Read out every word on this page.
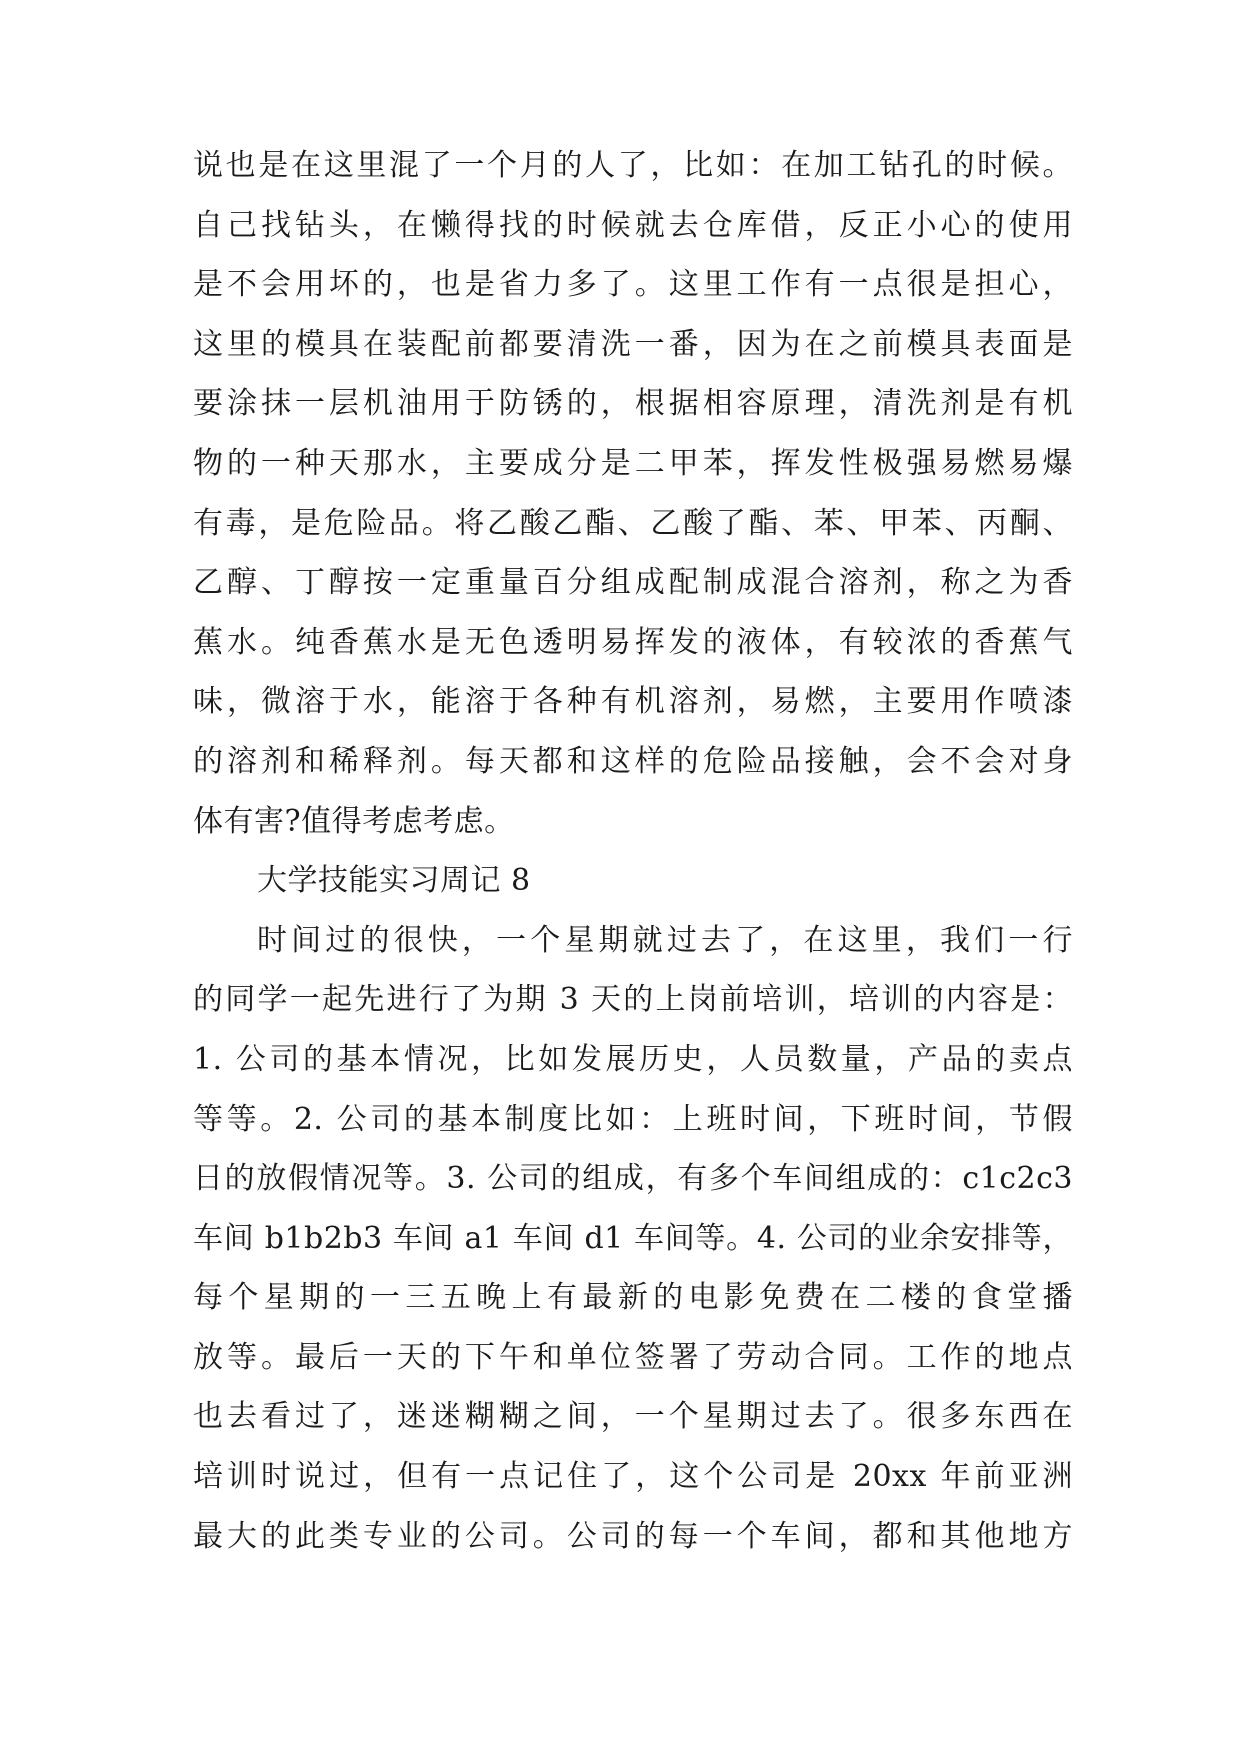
说也是在这里混了一个月的人了，比如：在加工钻孔的时候。
自己找钻头，在懒得找的时候就去仓库借，反正小心的使用
是不会用坏的，也是省力多了。这里工作有一点很是担心，
这里的模具在装配前都要清洗一番，因为在之前模具表面是
要涂抹一层机油用于防锈的，根据相容原理，清洗剂是有机
物的一种天那水，主要成分是二甲苯，挥发性极强易燃易爆
有毒，是危险品。将乙酸乙酯、乙酸了酯、苯、甲苯、丙酮、
乙醇、丁醇按一定重量百分组成配制成混合溶剂，称之为香
蕉水。纯香蕉水是无色透明易挥发的液体，有较浓的香蕉气
味，微溶于水，能溶于各种有机溶剂，易燃，主要用作喷漆
的溶剂和稀释剂。每天都和这样的危险品接触，会不会对身
体有害?值得考虑考虑。
大学技能实习周记 8
时间过的很快，一个星期就过去了，在这里，我们一行
的同学一起先进行了为期 3 天的上岗前培训，培训的内容是：
1. 公司的基本情况，比如发展历史，人员数量，产品的卖点
等等。2. 公司的基本制度比如：上班时间，下班时间，节假
日的放假情况等。3. 公司的组成，有多个车间组成的：c1c2c3
车间 b1b2b3 车间 a1 车间 d1 车间等。4. 公司的业余安排等，
每个星期的一三五晚上有最新的电影免费在二楼的食堂播
放等。最后一天的下午和单位签署了劳动合同。工作的地点
也去看过了，迷迷糊糊之间，一个星期过去了。很多东西在
培训时说过，但有一点记住了，这个公司是 20xx 年前亚洲
最大的此类专业的公司。公司的每一个车间，都和其他地方
